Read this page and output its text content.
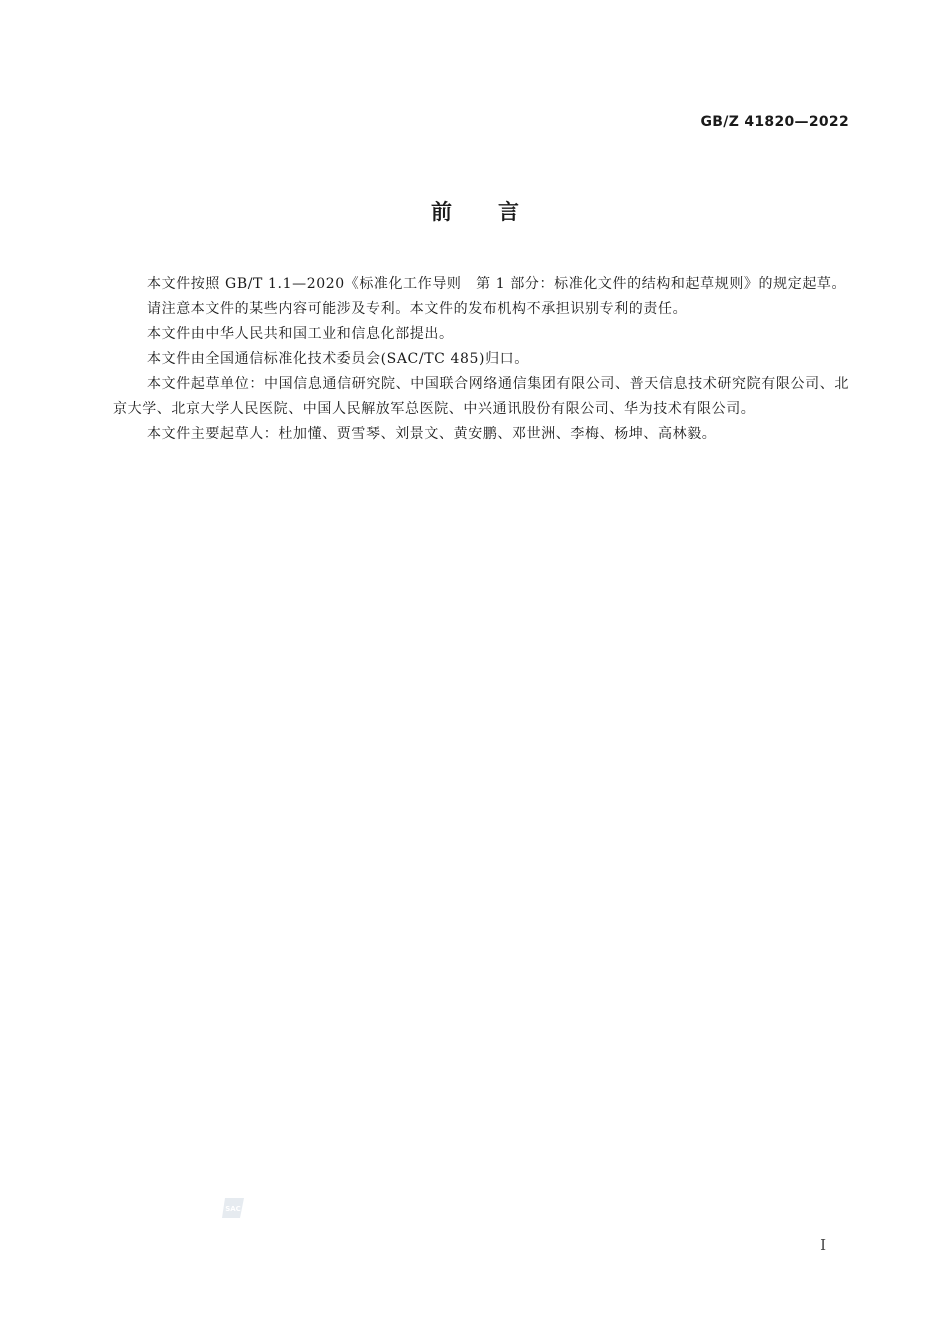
GB/Z 41820—2022
前言

本文件按照 GB/T 1.1—2020《标准化工作导则　第 1 部分：标准化文件的结构和起草规则》的规定起草。

请注意本文件的某些内容可能涉及专利。本文件的发布机构不承担识别专利的责任。

本文件由中华人民共和国工业和信息化部提出。

本文件由全国通信标准化技术委员会(SAC/TC 485)归口。

本文件起草单位：中国信息通信研究院、中国联合网络通信集团有限公司、普天信息技术研究院有限公司、北京大学、北京大学人民医院、中国人民解放军总医院、中兴通讯股份有限公司、华为技术有限公司。

本文件主要起草人：杜加懂、贾雪琴、刘景文、黄安鹏、邓世洲、李梅、杨坤、高林毅。

SAC
I
